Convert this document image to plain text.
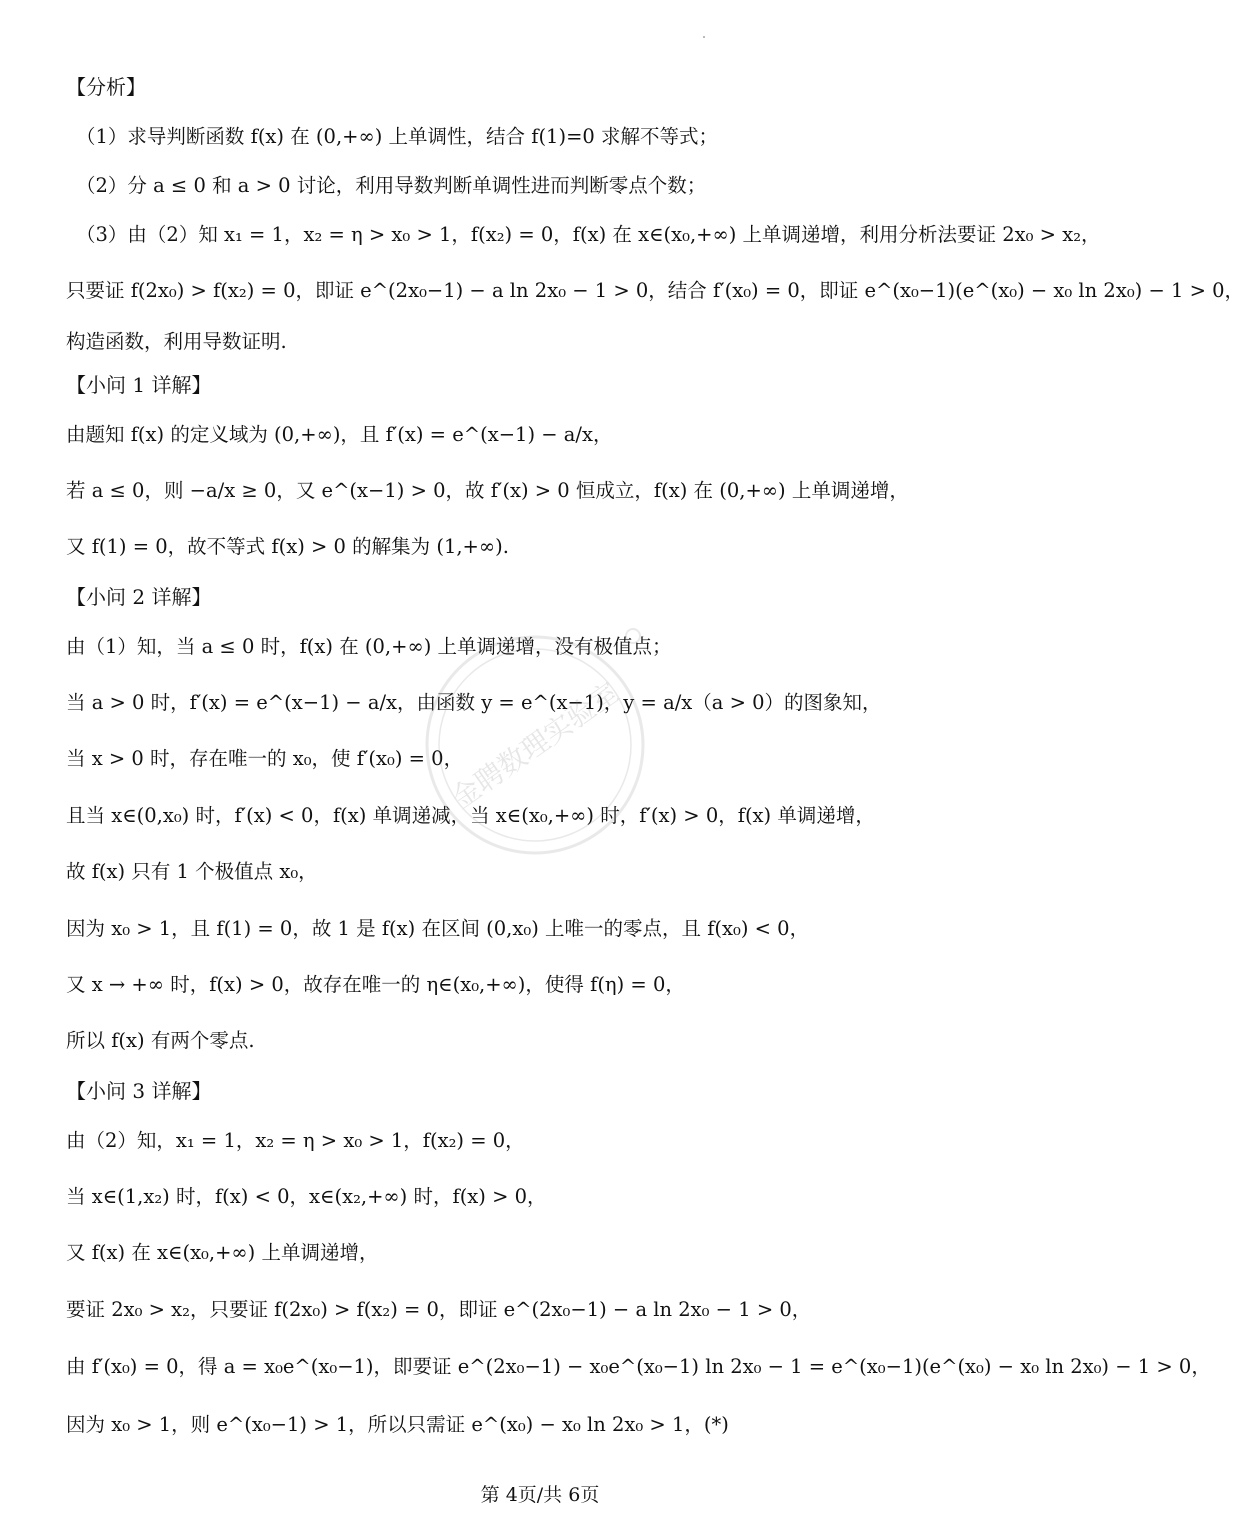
【分析】
（1）求导判断函数 f(x) 在 (0,+∞) 上单调性，结合 f(1)=0 求解不等式；
（2）分 a ≤ 0 和 a > 0 讨论，利用导数判断单调性进而判断零点个数；
（3）由（2）知 x₁ = 1，x₂ = η > x₀ > 1，f(x₂) = 0，f(x) 在 x∈(x₀,+∞) 上单调递增，利用分析法要证 2x₀ > x₂，
只要证 f(2x₀) > f(x₂) = 0，即证 e^(2x₀−1) − a ln 2x₀ − 1 > 0，结合 f′(x₀) = 0，即证 e^(x₀−1)(e^(x₀) − x₀ ln 2x₀) − 1 > 0，
构造函数，利用导数证明.
【小问 1 详解】
由题知 f(x) 的定义域为 (0,+∞)，且 f′(x) = e^(x−1) − a/x，
若 a ≤ 0，则 −a/x ≥ 0，又 e^(x−1) > 0，故 f′(x) > 0 恒成立，f(x) 在 (0,+∞) 上单调递增，
又 f(1) = 0，故不等式 f(x) > 0 的解集为 (1,+∞).
【小问 2 详解】
由（1）知，当 a ≤ 0 时，f(x) 在 (0,+∞) 上单调递增，没有极值点；
当 a > 0 时，f′(x) = e^(x−1) − a/x，由函数 y = e^(x−1)，y = a/x（a > 0）的图象知，
当 x > 0 时，存在唯一的 x₀，使 f′(x₀) = 0，
且当 x∈(0,x₀) 时，f′(x) < 0，f(x) 单调递减，当 x∈(x₀,+∞) 时，f′(x) > 0，f(x) 单调递增，
故 f(x) 只有 1 个极值点 x₀，
因为 x₀ > 1，且 f(1) = 0，故 1 是 f(x) 在区间 (0,x₀) 上唯一的零点，且 f(x₀) < 0，
又 x → +∞ 时，f(x) > 0，故存在唯一的 η∈(x₀,+∞)，使得 f(η) = 0，
所以 f(x) 有两个零点.
【小问 3 详解】
由（2）知，x₁ = 1，x₂ = η > x₀ > 1，f(x₂) = 0，
当 x∈(1,x₂) 时，f(x) < 0，x∈(x₂,+∞) 时，f(x) > 0，
又 f(x) 在 x∈(x₀,+∞) 上单调递增，
要证 2x₀ > x₂，只要证 f(2x₀) > f(x₂) = 0，即证 e^(2x₀−1) − a ln 2x₀ − 1 > 0，
由 f′(x₀) = 0，得 a = x₀e^(x₀−1)，即要证 e^(2x₀−1) − x₀e^(x₀−1) ln 2x₀ − 1 = e^(x₀−1)(e^(x₀) − x₀ ln 2x₀) − 1 > 0，
因为 x₀ > 1，则 e^(x₀−1) > 1，所以只需证 e^(x₀) − x₀ ln 2x₀ > 1，(*)
第 4页/共 6页
金聘数理实验室
